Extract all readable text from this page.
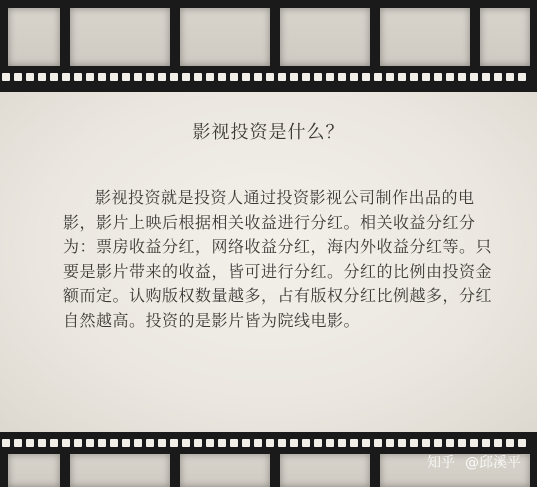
影视投资是什么？

影视投资就是投资人通过投资影视公司制作出品的电影，影片上映后根据相关收益进行分红。相关收益分红分为：票房收益分红，网络收益分红，海内外收益分红等。只要是影片带来的收益，皆可进行分红。分红的比例由投资金额而定。认购版权数量越多，占有版权分红比例越多，分红自然越高。投资的是影片皆为院线电影。

知乎 @邱溪平
